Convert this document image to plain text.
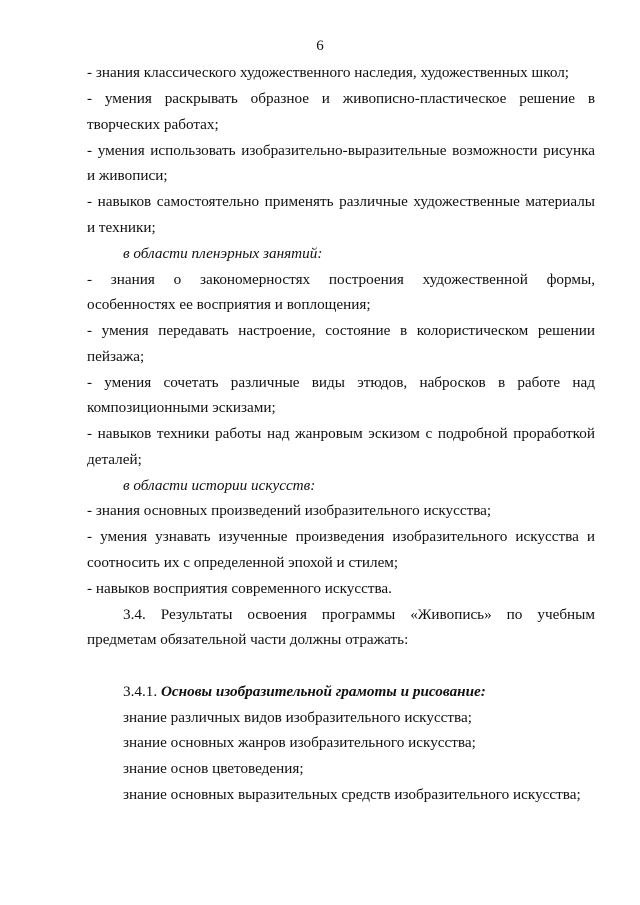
6
- знания классического художественного наследия, художественных школ;
- умения раскрывать образное и живописно-пластическое решение в
творческих работах;
- умения использовать изобразительно-выразительные возможности рисунка
и живописи;
- навыков самостоятельно применять различные художественные материалы
и техники;
в области пленэрных занятий:
- знания о закономерностях построения художественной формы,
особенностях ее восприятия и воплощения;
- умения передавать настроение, состояние в колористическом решении
пейзажа;
- умения сочетать различные виды этюдов, набросков в работе над
композиционными эскизами;
- навыков техники работы над жанровым эскизом с подробной проработкой
деталей;
в области истории искусств:
- знания основных произведений изобразительного искусства;
- умения узнавать изученные произведения изобразительного искусства и
соотносить их с определенной эпохой и стилем;
- навыков восприятия современного искусства.
3.4. Результаты освоения программы «Живопись» по учебным
предметам обязательной части должны отражать:
3.4.1. Основы изобразительной грамоты и рисование:
знание различных видов изобразительного искусства;
знание основных жанров изобразительного искусства;
знание основ цветоведения;
знание основных выразительных средств изобразительного искусства;
